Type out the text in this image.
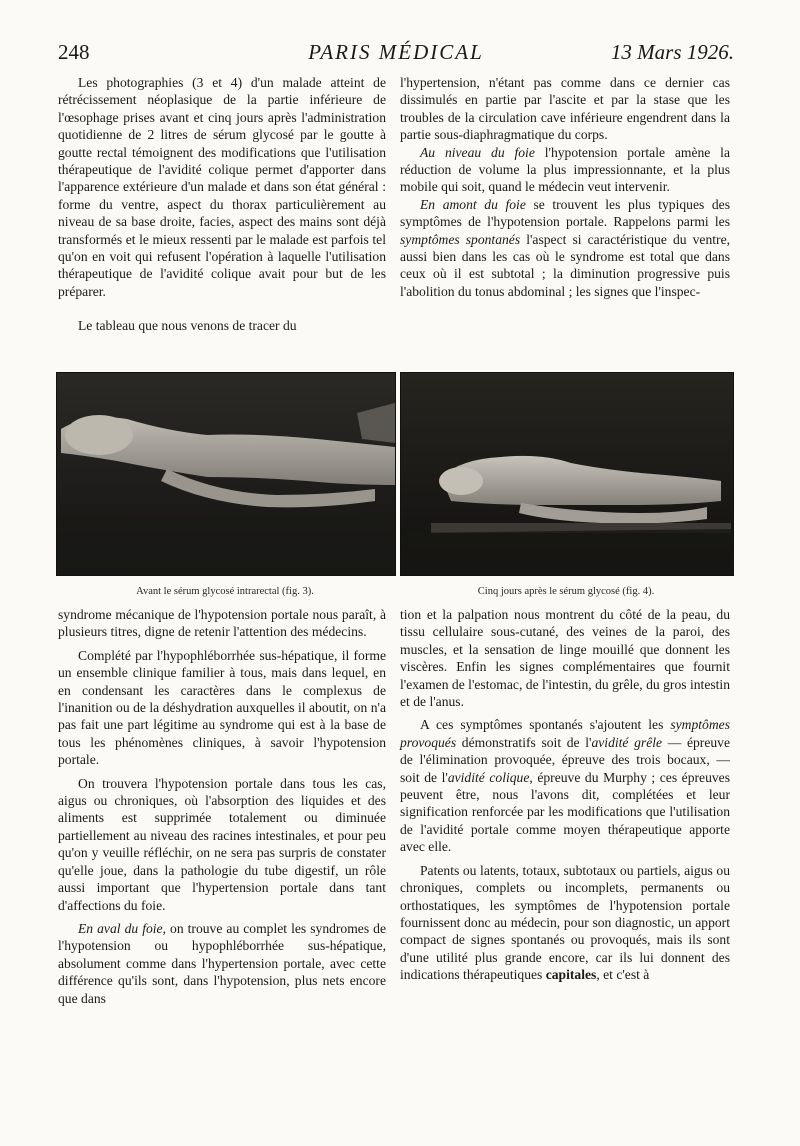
248	PARIS MÉDICAL	13 Mars 1926.

Les photographies (3 et 4) d'un malade atteint de rétrécissement néoplasique de la partie inférieure de l'œsophage prises avant et cinq jours après l'administration quotidienne de 2 litres de sérum glycosé par le goutte à goutte rectal témoignent des modifications que l'utilisation thérapeutique de l'avidité colique permet d'apporter dans l'apparence extérieure d'un malade et dans son état général : forme du ventre, aspect du thorax particulièrement au niveau de sa base droite, facies, aspect des mains sont déjà transformés et le mieux ressenti par le malade est parfois tel qu'on en voit qui refusent l'opération à laquelle l'utilisation thérapeutique de l'avidité colique avait pour but de les préparer.

Le tableau que nous venons de tracer du

l'hypertension, n'étant pas comme dans ce dernier cas dissimulés en partie par l'ascite et par la stase que les troubles de la circulation cave inférieure engendrent dans la partie sous-diaphragmatique du corps.

Au niveau du foie l'hypotension portale amène la réduction de volume la plus impressionnante, et la plus mobile qui soit, quand le médecin veut intervenir.

En amont du foie se trouvent les plus typiques des symptômes de l'hypotension portale. Rappelons parmi les symptômes spontanés l'aspect si caractéristique du ventre, aussi bien dans les cas où le syndrome est total que dans ceux où il est subtotal ; la diminution progressive puis l'abolition du tonus abdominal ; les signes que l'inspec-

Avant le sérum glycosé intrarectal (fig. 3).	Cinq jours après le sérum glycosé (fig. 4).

syndrome mécanique de l'hypotension portale nous paraît, à plusieurs titres, digne de retenir l'attention des médecins.

Complété par l'hypophléborrhée sus-hépatique, il forme un ensemble clinique familier à tous, mais dans lequel, en en condensant les caractères dans le complexus de l'inanition ou de la déshydration auxquelles il aboutit, on n'a pas fait une part légitime au syndrome qui est à la base de tous les phénomènes cliniques, à savoir l'hypotension portale.

On trouvera l'hypotension portale dans tous les cas, aigus ou chroniques, où l'absorption des liquides et des aliments est supprimée totalement ou diminuée partiellement au niveau des racines intestinales, et pour peu qu'on y veuille réfléchir, on ne sera pas surpris de constater qu'elle joue, dans la pathologie du tube digestif, un rôle aussi important que l'hypertension portale dans tant d'affections du foie.

En aval du foie, on trouve au complet les syndromes de l'hypotension ou hypophléborrhée sus-hépatique, absolument comme dans l'hypertension portale, avec cette différence qu'ils sont, dans l'hypotension, plus nets encore que dans

tion et la palpation nous montrent du côté de la peau, du tissu cellulaire sous-cutané, des veines de la paroi, des muscles, et la sensation de linge mouillé que donnent les viscères. Enfin les signes complémentaires que fournit l'examen de l'estomac, de l'intestin, du grêle, du gros intestin et de l'anus.

A ces symptômes spontanés s'ajoutent les symptômes provoqués démonstratifs soit de l'avidité grêle — épreuve de l'élimination provoquée, épreuve des trois bocaux, — soit de l'avidité colique, épreuve du Murphy ; ces épreuves peuvent être, nous l'avons dit, complétées et leur signification renforcée par les modifications que l'utilisation de l'avidité portale comme moyen thérapeutique apporte avec elle.

Patents ou latents, totaux, subtotaux ou partiels, aigus ou chroniques, complets ou incomplets, permanents ou orthostatiques, les symptômes de l'hypotension portale fournissent donc au médecin, pour son diagnostic, un apport compact de signes spontanés ou provoqués, mais ils sont d'une utilité plus grande encore, car ils lui donnent des indications thérapeutiques capitales, et c'est à
